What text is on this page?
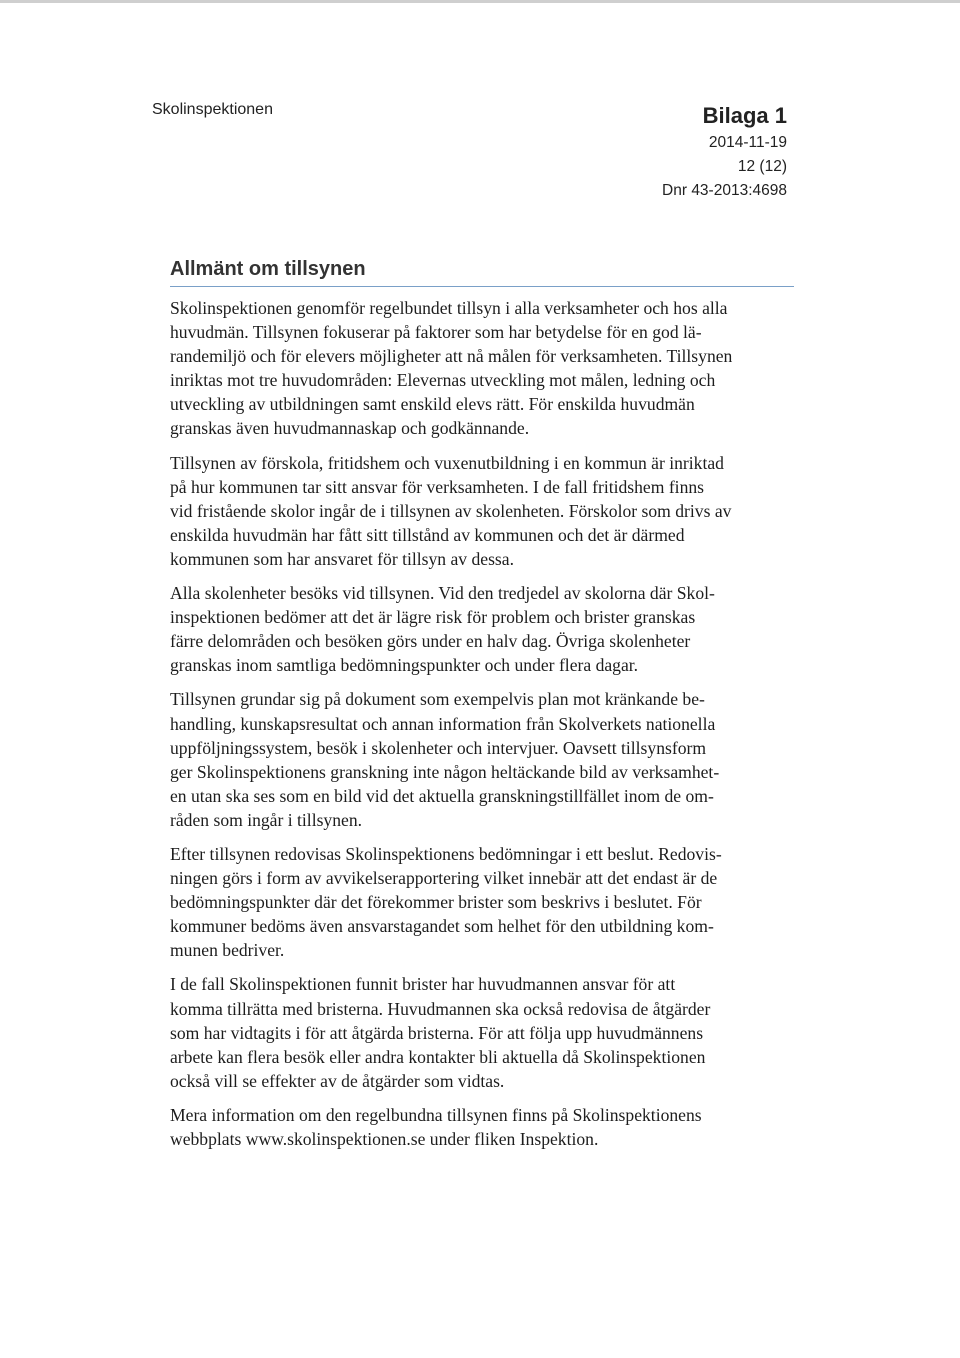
Skolinspektionen	Bilaga 1
2014-11-19
12 (12)
Dnr 43-2013:4698
Allmänt om tillsynen

Skolinspektionen genomför regelbundet tillsyn i alla verksamheter och hos alla
huvudmän. Tillsynen fokuserar på faktorer som har betydelse för en god lä-
randemiljö och för elevers möjligheter att nå målen för verksamheten. Tillsynen
inriktas mot tre huvudområden: Elevernas utveckling mot målen, ledning och
utveckling av utbildningen samt enskild elevs rätt. För enskilda huvudmän
granskas även huvudmannaskap och godkännande.

Tillsynen av förskola, fritidshem och vuxenutbildning i en kommun är inriktad
på hur kommunen tar sitt ansvar för verksamheten. I de fall fritidshem finns
vid fristående skolor ingår de i tillsynen av skolenheten. Förskolor som drivs av
enskilda huvudmän har fått sitt tillstånd av kommunen och det är därmed
kommunen som har ansvaret för tillsyn av dessa.

Alla skolenheter besöks vid tillsynen. Vid den tredjedel av skolorna där Skol-
inspektionen bedömer att det är lägre risk för problem och brister granskas
färre delområden och besöken görs under en halv dag. Övriga skolenheter
granskas inom samtliga bedömningspunkter och under flera dagar.

Tillsynen grundar sig på dokument som exempelvis plan mot kränkande be-
handling, kunskapsresultat och annan information från Skolverkets nationella
uppföljningssystem, besök i skolenheter och intervjuer. Oavsett tillsynsform
ger Skolinspektionens granskning inte någon heltäckande bild av verksamhet-
en utan ska ses som en bild vid det aktuella granskningstillfället inom de om-
råden som ingår i tillsynen.

Efter tillsynen redovisas Skolinspektionens bedömningar i ett beslut. Redovis-
ningen görs i form av avvikelserapportering vilket innebär att det endast är de
bedömningspunkter där det förekommer brister som beskrivs i beslutet. För
kommuner bedöms även ansvarstagandet som helhet för den utbildning kom-
munen bedriver.

I de fall Skolinspektionen funnit brister har huvudmannen ansvar för att
komma tillrätta med bristerna. Huvudmannen ska också redovisa de åtgärder
som har vidtagits i för att åtgärda bristerna. För att följa upp huvudmännens
arbete kan flera besök eller andra kontakter bli aktuella då Skolinspektionen
också vill se effekter av de åtgärder som vidtas.

Mera information om den regelbundna tillsynen finns på Skolinspektionens
webbplats www.skolinspektionen.se under fliken Inspektion.
